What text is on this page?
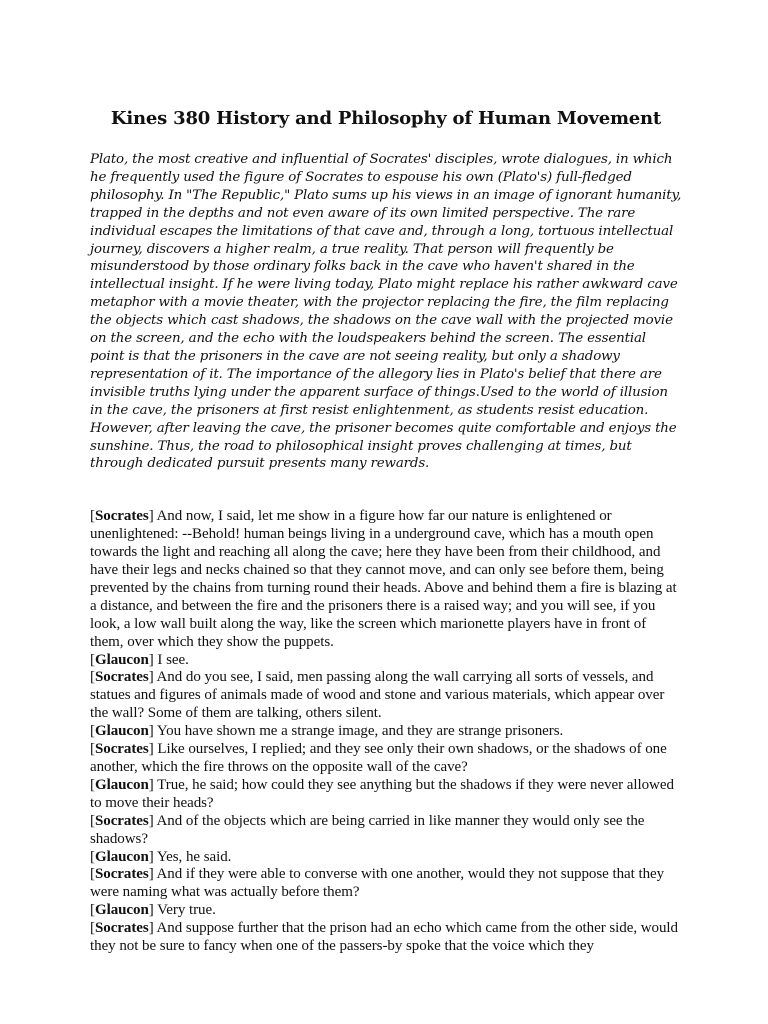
Kines 380 History and Philosophy of Human Movement

Plato, the most creative and influential of Socrates' disciples, wrote dialogues, in which he frequently used the figure of Socrates to espouse his own (Plato's) full-fledged philosophy. In "The Republic," Plato sums up his views in an image of ignorant humanity, trapped in the depths and not even aware of its own limited perspective. The rare individual escapes the limitations of that cave and, through a long, tortuous intellectual journey, discovers a higher realm, a true reality. That person will frequently be misunderstood by those ordinary folks back in the cave who haven't shared in the intellectual insight. If he were living today, Plato might replace his rather awkward cave metaphor with a movie theater, with the projector replacing the fire, the film replacing the objects which cast shadows, the shadows on the cave wall with the projected movie on the screen, and the echo with the loudspeakers behind the screen. The essential point is that the prisoners in the cave are not seeing reality, but only a shadowy representation of it. The importance of the allegory lies in Plato's belief that there are invisible truths lying under the apparent surface of things.Used to the world of illusion in the cave, the prisoners at first resist enlightenment, as students resist education. However, after leaving the cave, the prisoner becomes quite comfortable and enjoys the sunshine. Thus, the road to philosophical insight proves challenging at times, but through dedicated pursuit presents many rewards.

[Socrates] And now, I said, let me show in a figure how far our nature is enlightened or unenlightened: --Behold! human beings living in a underground cave, which has a mouth open towards the light and reaching all along the cave; here they have been from their childhood, and have their legs and necks chained so that they cannot move, and can only see before them, being prevented by the chains from turning round their heads. Above and behind them a fire is blazing at a distance, and between the fire and the prisoners there is a raised way; and you will see, if you look, a low wall built along the way, like the screen which marionette players have in front of them, over which they show the puppets.
[Glaucon] I see.
[Socrates] And do you see, I said, men passing along the wall carrying all sorts of vessels, and statues and figures of animals made of wood and stone and various materials, which appear over the wall? Some of them are talking, others silent.
[Glaucon] You have shown me a strange image, and they are strange prisoners.
[Socrates] Like ourselves, I replied; and they see only their own shadows, or the shadows of one another, which the fire throws on the opposite wall of the cave?
[Glaucon] True, he said; how could they see anything but the shadows if they were never allowed to move their heads?
[Socrates] And of the objects which are being carried in like manner they would only see the shadows?
[Glaucon] Yes, he said.
[Socrates] And if they were able to converse with one another, would they not suppose that they were naming what was actually before them?
[Glaucon] Very true.
[Socrates] And suppose further that the prison had an echo which came from the other side, would they not be sure to fancy when one of the passers-by spoke that the voice which they
